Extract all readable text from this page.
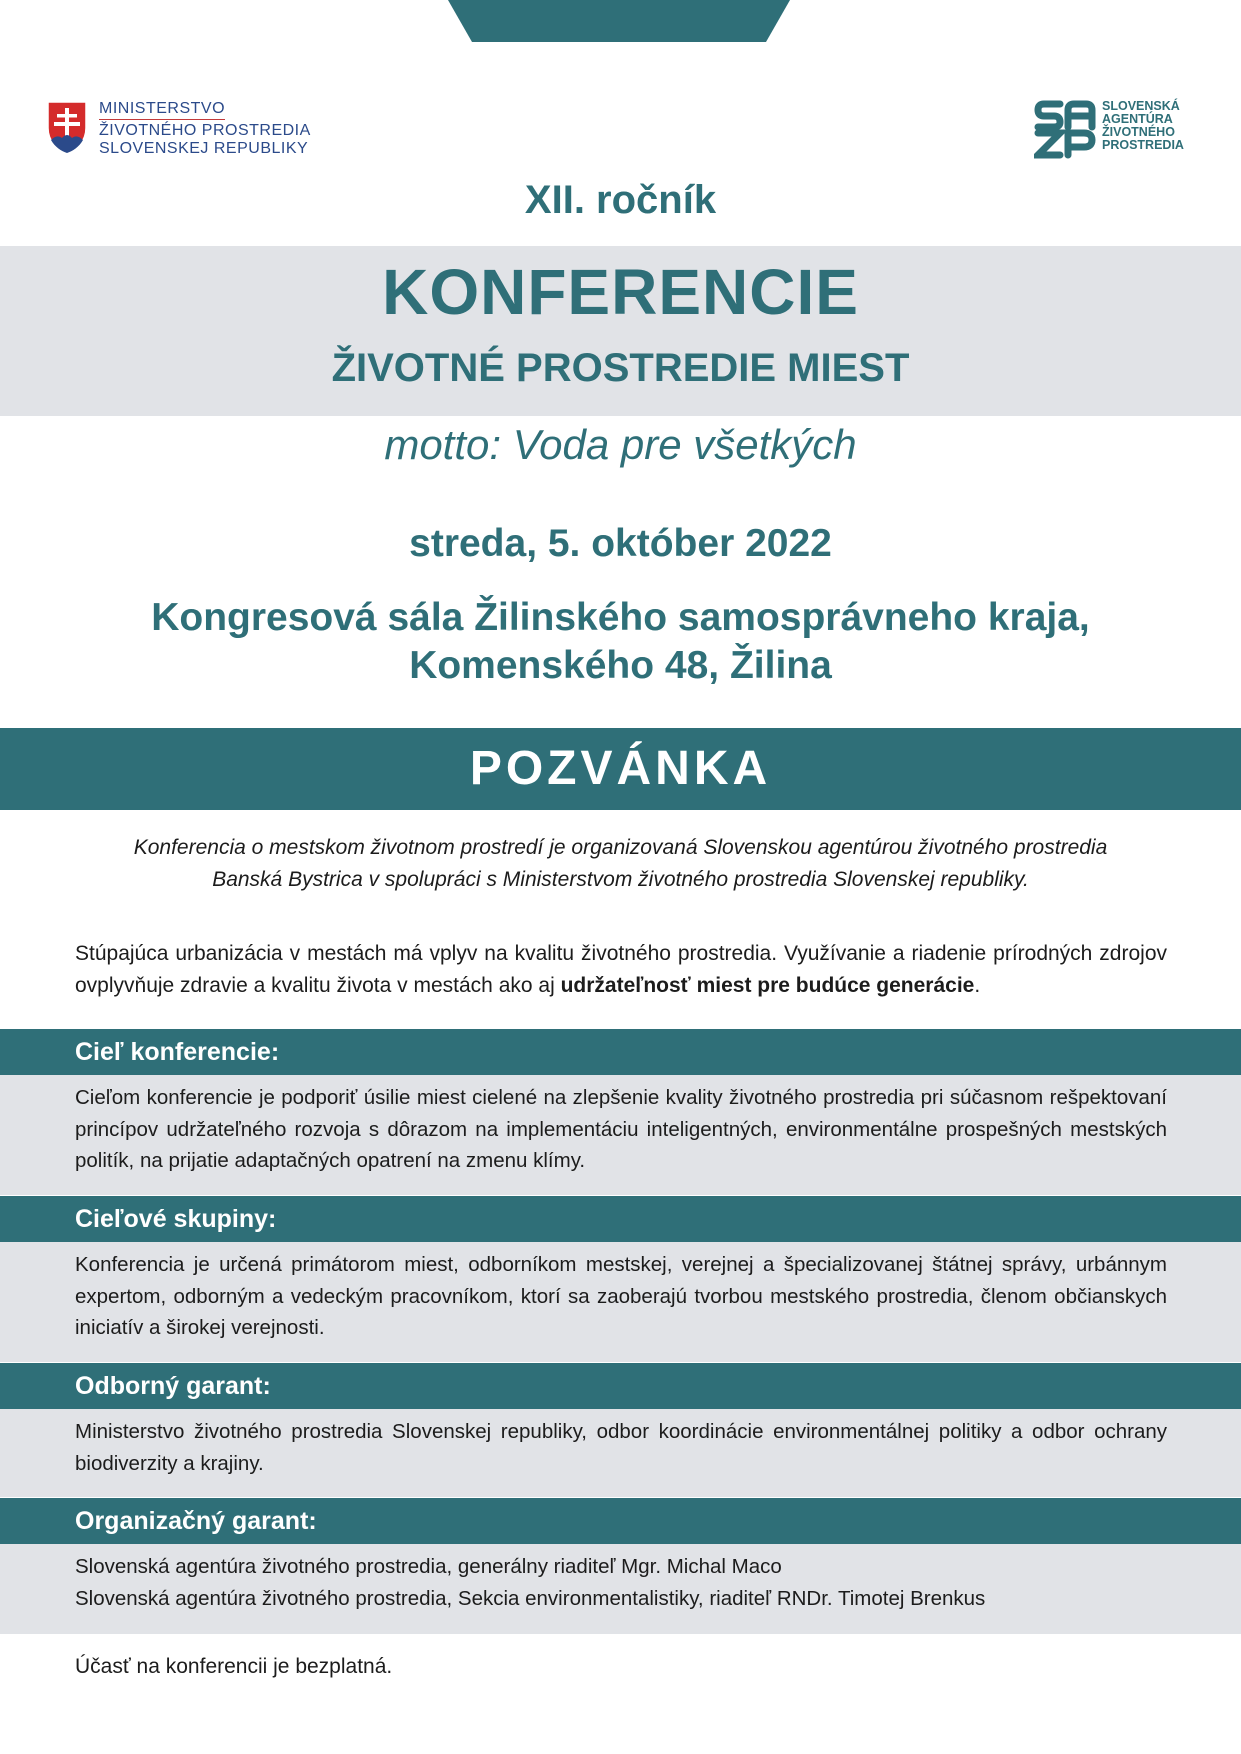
MINISTERSTVO
ŽIVOTNÉHO PROSTREDIA
SLOVENSKEJ REPUBLIKY
SLOVENSKÁ
AGENTÚRA
ŽIVOTNÉHO
PROSTREDIA
XII. ročník
KONFERENCIE
ŽIVOTNÉ PROSTREDIE MIEST
motto: Voda pre všetkých
streda, 5. október 2022
Kongresová sála Žilinského samosprávneho kraja,
Komenského 48, Žilina
POZVÁNKA
Konferencia o mestskom životnom prostredí je organizovaná Slovenskou agentúrou životného prostredia
Banská Bystrica v spolupráci s Ministerstvom životného prostredia Slovenskej republiky.
Stúpajúca urbanizácia v mestách má vplyv na kvalitu životného prostredia. Využívanie a riadenie prírodných zdrojov ovplyvňuje zdravie a kvalitu života v mestách ako aj udržateľnosť miest pre budúce generácie.
Cieľ konferencie:
Cieľom konferencie je podporiť úsilie miest cielené na zlepšenie kvality životného prostredia pri súčasnom rešpektovaní princípov udržateľného rozvoja s dôrazom na implementáciu inteligentných, environmentálne prospešných mestských politík, na prijatie adaptačných opatrení na zmenu klímy.
Cieľové skupiny:
Konferencia je určená primátorom miest, odborníkom mestskej, verejnej a špecializovanej štátnej správy, urbánnym expertom, odborným a vedeckým pracovníkom, ktorí sa zaoberajú tvorbou mestského prostredia, členom občianskych iniciatív a širokej verejnosti.
Odborný garant:
Ministerstvo životného prostredia Slovenskej republiky, odbor koordinácie environmentálnej politiky a odbor ochrany biodiverzity a krajiny.
Organizačný garant:
Slovenská agentúra životného prostredia, generálny riaditeľ Mgr. Michal Maco
Slovenská agentúra životného prostredia, Sekcia environmentalistiky, riaditeľ RNDr. Timotej Brenkus
Účasť na konferencii je bezplatná.
